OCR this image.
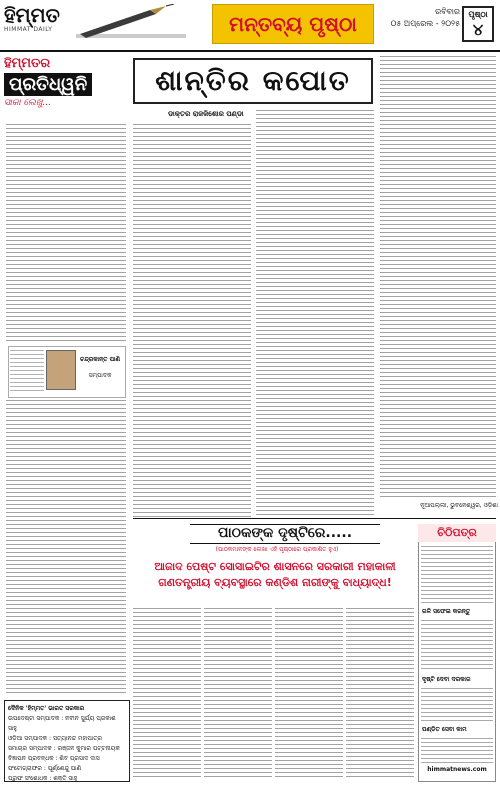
ହିମ୍ମତ
HIMMAT DAILY	ମନ୍ତବ୍ୟ ପୃଷ୍ଠା
ରବିବାର
୦୫ ଅପ୍ରେଲ - ୨୦୨୫
ପୃଷ୍ଠା
୪
ହିମ୍ମତର
ପ୍ରତିଧ୍ୱନି
ସାକା ଲେଖୁ...
ଚନ୍ଦ୍ରକାନ୍ତ ପାଣି
ସମ୍ପାଦକ
ଦୈନିକ 'ହିମ୍ମତ' ଭାରତ ସରକାର
ଉପଦେଷ୍ଟା ସମ୍ପାଦକ : ନବୀନ ସୁର୍ଯ୍ୟ ପ୍ରକାଶ ସାହୁ
ଓଡ଼ିଆ ସମ୍ପାଦକ : ସତ୍ୟାନନ୍ଦ ମହାପାତ୍ର
ସମାଚାର ସମ୍ପାଦକ : ରଞ୍ଜନ କୁମାର ପଟ୍ଟନାୟକ
ବିଜ୍ଞାପନ ପ୍ରବନ୍ଧକ : ଶିବ ପ୍ରସାଦ ଦାସ
ଫଟୋଗ୍ରାଫର : ପୂର୍ଣ୍ଣେନ୍ଦୁ ପାଣି
ପ୍ରୁଫ ସଂଶୋଧକ : ଶକ୍ତି ସାହୁ
ଶାନ୍ତିର କପୋତ
ଡାକ୍ତର ରାଜକିଶୋର ପଣ୍ଡା
ନୂଆପଲ୍ଲୀ, ଭୁବନେଶ୍ୱର, ଓଡ଼ିଶା
ପାଠକଙ୍କ ଦୃଷ୍ଟିରେ.....
(ପାଠକମାନଙ୍କ ଲେଖା ଏହି ପୃଷ୍ଠାରେ ପ୍ରକାଶିତ ହୁଏ)
ଆଜାଦ ପେଷ୍ଟ ସୋସାଇଟିର ଶାସନରେ ସରକାରୀ ମହାକାଳୀ
ଗଣତନ୍ତ୍ରୀୟ ବ୍ୟବସ୍ଥାରେ କଣ୍ଡିଶ ନାରୀଙ୍କୁ ବାଧ୍ୟାଦ୍ଧ!
ଚିଠିପତ୍ର
ଗଳି ସଫେଇ କରନ୍ତୁ
ଦୃଷ୍ଟି ଦେବା ଦରକାର
ପଣ୍ଡିତ ସେବା କାମ
himmatnews.com
